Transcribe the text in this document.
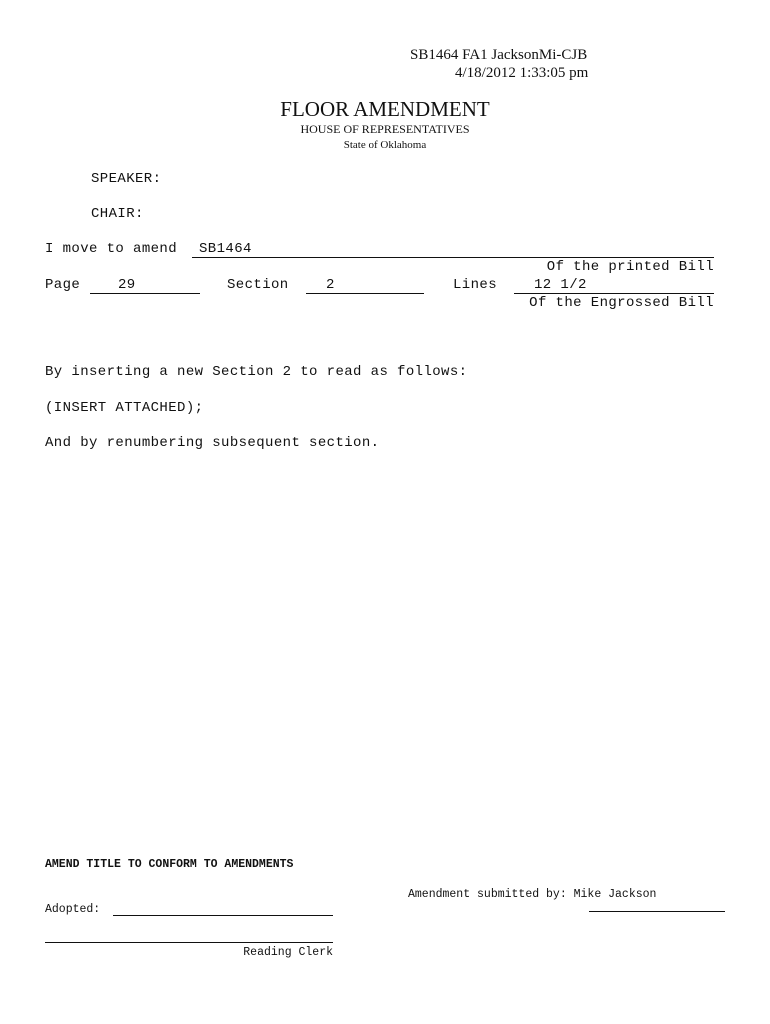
SB1464 FA1 JacksonMi-CJB
4/18/2012 1:33:05 pm
FLOOR AMENDMENT
HOUSE OF REPRESENTATIVES
State of Oklahoma
SPEAKER:
CHAIR:
I move to amend	SB1464
Of the printed Bill
Page	29	Section	2	Lines	12 1/2
Of the Engrossed Bill
By inserting a new Section 2 to read as follows:
(INSERT ATTACHED);
And by renumbering subsequent section.
AMEND TITLE TO CONFORM TO AMENDMENTS
Amendment submitted by: Mike Jackson
Adopted:
Reading Clerk
